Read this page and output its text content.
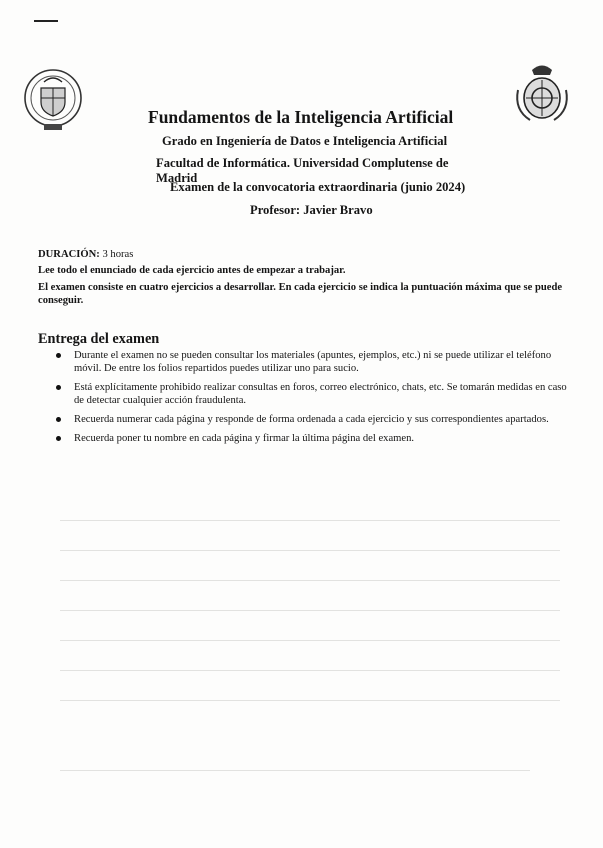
Fundamentos de la Inteligencia Artificial
Grado en Ingeniería de Datos e Inteligencia Artificial
Facultad de Informática. Universidad Complutense de Madrid
Examen de la convocatoria extraordinaria (junio 2024)
Profesor: Javier Bravo
DURACIÓN: 3 horas
Lee todo el enunciado de cada ejercicio antes de empezar a trabajar.
El examen consiste en cuatro ejercicios a desarrollar. En cada ejercicio se indica la puntuación máxima que se puede conseguir.
Entrega del examen
Durante el examen no se pueden consultar los materiales (apuntes, ejemplos, etc.) ni se puede utilizar el teléfono móvil. De entre los folios repartidos puedes utilizar uno para sucio.
Está explícitamente prohibido realizar consultas en foros, correo electrónico, chats, etc. Se tomarán medidas en caso de detectar cualquier acción fraudulenta.
Recuerda numerar cada página y responde de forma ordenada a cada ejercicio y sus correspondientes apartados.
Recuerda poner tu nombre en cada página y firmar la última página del examen.
